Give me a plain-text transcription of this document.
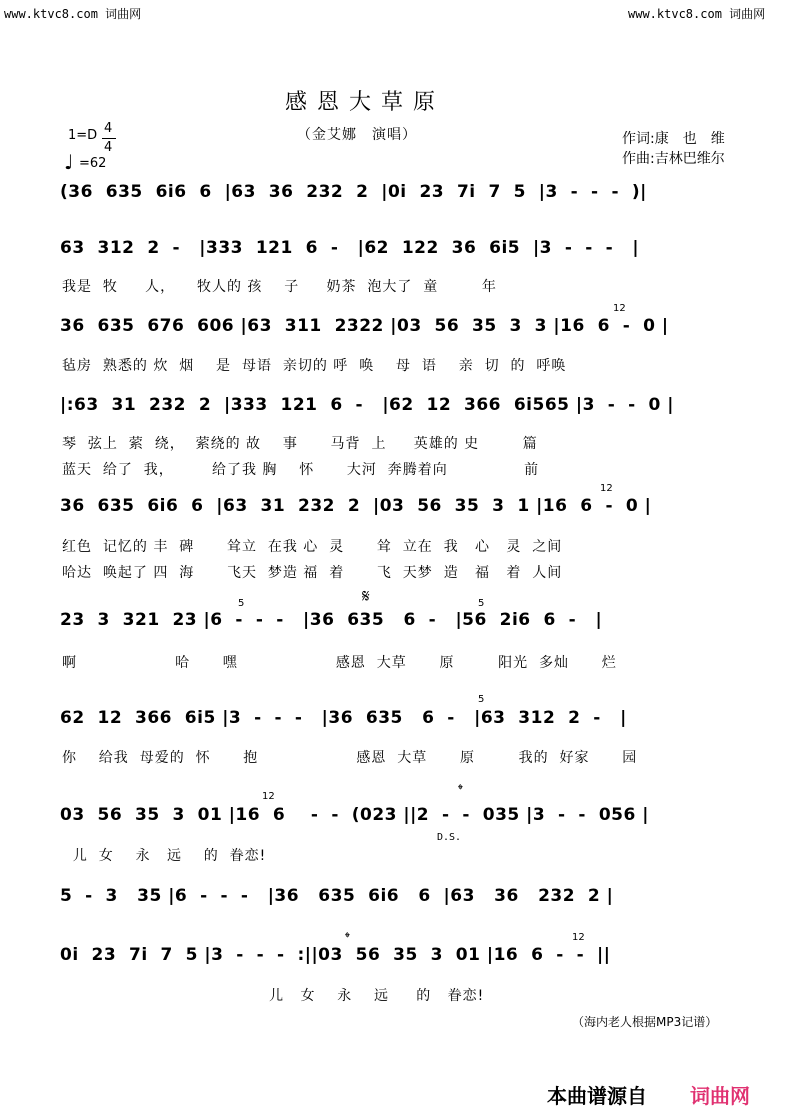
www.ktvc8.com 词曲网	www.ktvc8.com 词曲网
感恩大草原
（金艾娜　演唱）
1=D 4
4
♩ =62
作词:康　也　维
作曲:吉林巴维尔
(36  635  6i6  6  |63  36  232  2  |0i  23  7i  7  5  |3  -  -  -  )|
63  312  2  -   |333  121  6  -   |62  122  36  6i5  |3  -  -  -   |
我是  牧     人，    牧人的 孩    子     奶茶  泡大了  童        年
36  635  676  606 |63  311  2322 |03  56  35  3  3 |16  6  -  0 |
12
毡房  熟悉的 炊  烟    是  母语  亲切的 呼  唤    母  语    亲  切  的  呼唤
|:63  31  232  2  |333  121  6  -   |62  12  366  6i565 |3  -  -  0 |
琴  弦上  萦  绕，  萦绕的 故    事      马背  上     英雄的 史        篇
蓝天  给了  我，       给了我 胸    怀      大河  奔腾着向              前
36  635  6i6  6  |63  31  232  2  |03  56  35  3  1 |16  6  -  0 |
12
红色  记忆的 丰  碑      耸立  在我 心  灵      耸  立在  我   心   灵  之间
哈达  唤起了 四  海      飞天  梦造 福  着      飞  天梦  造   福   着  人间
𝄋
23  3  321  23 |6  -  -  -   |36  635   6  -   |56  2i6  6  -   |
5	5
啊                  哈      嘿                  感恩  大草      原        阳光  多灿      烂
62  12  366  6i5 |3  -  -  -   |36  635   6  -   |63  312  2  -   |
5
你    给我  母爱的  怀      抱                  感恩  大草      原        我的  好家      园
𝄌
03  56  35  3  01 |16  6    -  -  (023 ||2  -  -  035 |3  -  -  056 |
12
D.S.
儿  女    永   远    的  眷恋!
5  -  3   35 |6  -  -  -   |36   635  6i6   6  |63   36   232  2 |
𝄌
0i  23  7i  7  5 |3  -  -  -  :||03  56  35  3  01 |16  6  -  -  ||
12
儿   女    永    远     的   眷恋!
（海内老人根据MP3记谱）
本曲谱源自 词曲网
